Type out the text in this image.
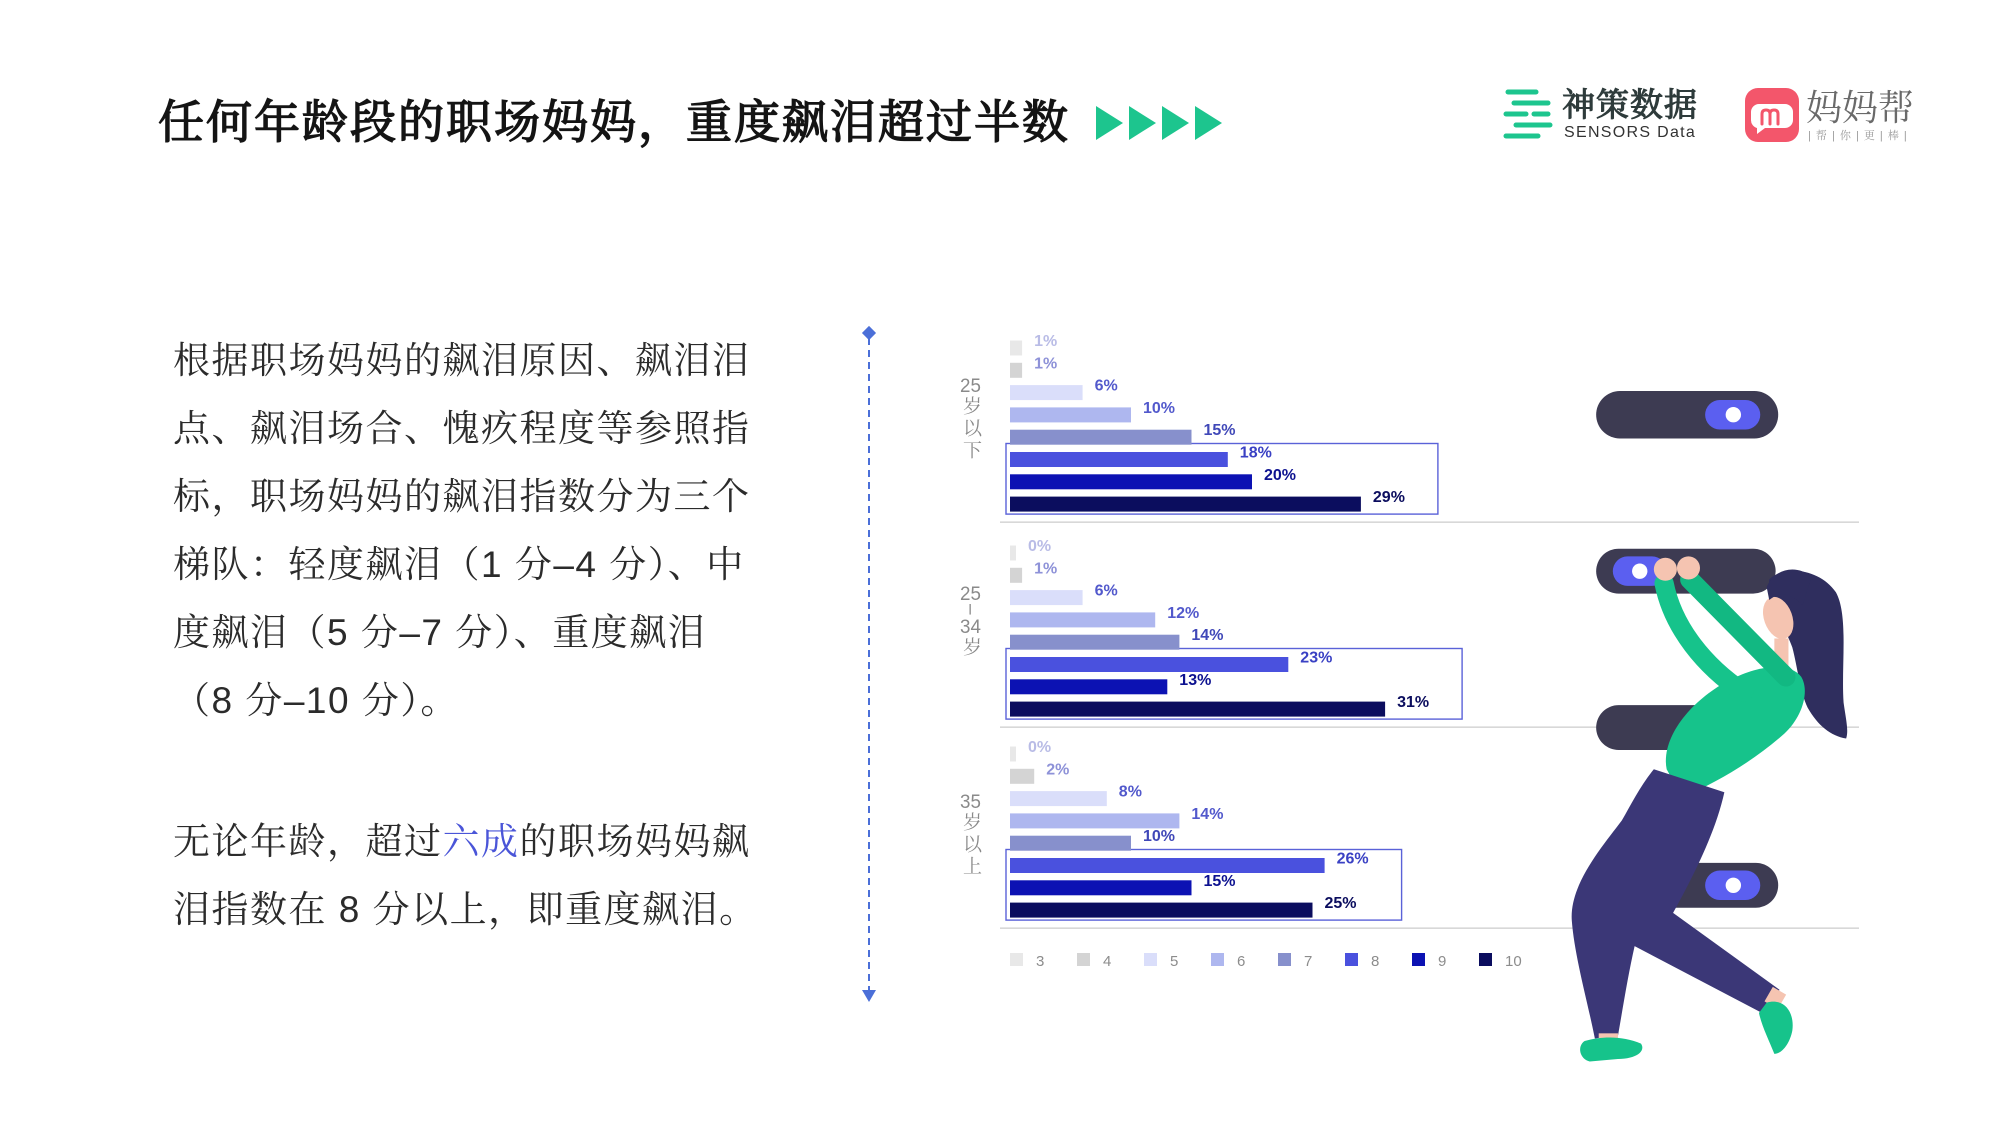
任何年龄段的职场妈妈，重度飙泪超过半数	神策数据
SENSORS Data
妈妈帮
| 帮 | 你 | 更 | 棒 |
根据职场妈妈的飙泪原因、飙泪泪
点、飙泪场合、愧疚程度等参照指
标，职场妈妈的飙泪指数分为三个
梯队：轻度飙泪（1 分–4 分）、中
度飙泪（5 分–7 分）、重度飙泪
（8 分–10 分）。
无论年龄，超过六成的职场妈妈飙
泪指数在 8 分以上，即重度飙泪。
25岁以下
25–34岁
35岁以上
1%
1%
6%
10%
15%
18%
20%
29%
0%
1%
6%
12%
14%
23%
13%
31%
0%
2%
8%
14%
10%
26%
15%
25%
3	4	5	6	7	8	9	10
